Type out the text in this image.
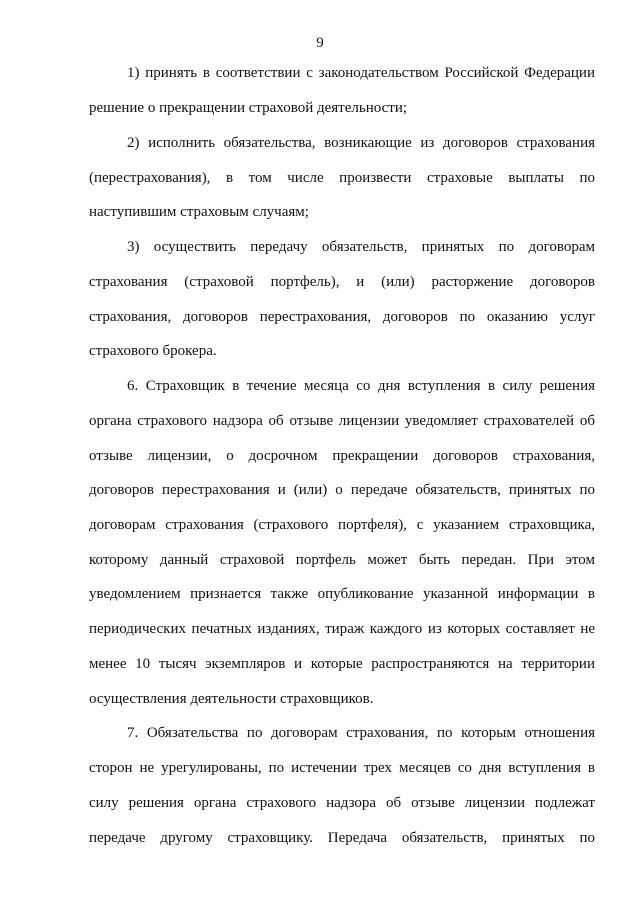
9
1) принять в соответствии с законодательством Российской Федерации
решение о прекращении страховой деятельности;
2) исполнить обязательства, возникающие из договоров страхования
(перестрахования), в том числе произвести страховые выплаты по
наступившим страховым случаям;
3) осуществить передачу обязательств, принятых по договорам
страхования (страховой портфель), и (или) расторжение договоров
страхования, договоров перестрахования, договоров по оказанию услуг
страхового брокера.
6. Страховщик в течение месяца со дня вступления в силу решения
органа страхового надзора об отзыве лицензии уведомляет страхователей об
отзыве лицензии, о досрочном прекращении договоров страхования,
договоров перестрахования и (или) о передаче обязательств, принятых по
договорам страхования (страхового портфеля), с указанием страховщика,
которому данный страховой портфель может быть передан. При этом
уведомлением признается также опубликование указанной информации в
периодических печатных изданиях, тираж каждого из которых составляет не
менее 10 тысяч экземпляров и которые распространяются на территории
осуществления деятельности страховщиков.
7. Обязательства по договорам страхования, по которым отношения
сторон не урегулированы, по истечении трех месяцев со дня вступления в
силу решения органа страхового надзора об отзыве лицензии подлежат
передаче другому страховщику. Передача обязательств, принятых по
